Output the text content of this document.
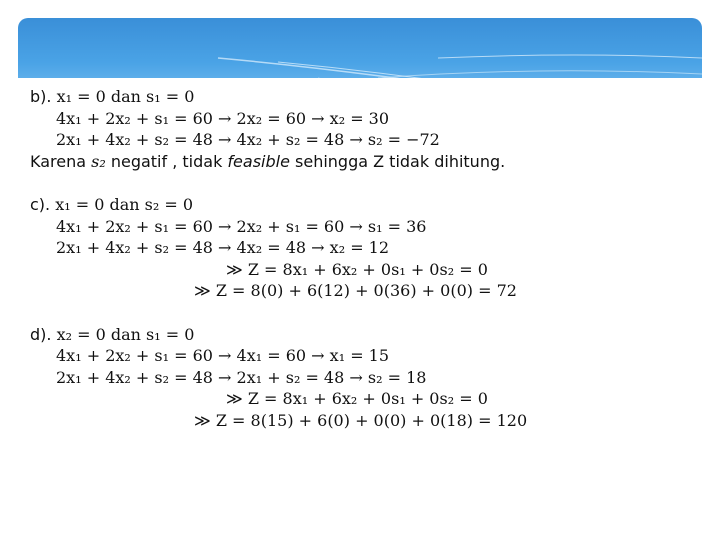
b). x₁ = 0 dan s₁ = 0
4x₁ + 2x₂ + s₁ = 60 → 2x₂ = 60 → x₂ = 30
2x₁ + 4x₂ + s₂ = 48 → 4x₂ + s₂ = 48 → s₂ = −72
Karena s₂ negatif , tidak feasible sehingga Z tidak dihitung.
c). x₁ = 0 dan s₂ = 0
4x₁ + 2x₂ + s₁ = 60 → 2x₂ + s₁ = 60 → s₁ = 36
2x₁ + 4x₂ + s₂ = 48 → 4x₂ = 48 → x₂ = 12
≫ Z = 8x₁ + 6x₂ + 0s₁ + 0s₂ = 0
≫ Z = 8(0) + 6(12) + 0(36) + 0(0) = 72
d). x₂ = 0 dan s₁ = 0
4x₁ + 2x₂ + s₁ = 60 → 4x₁ = 60 → x₁ = 15
2x₁ + 4x₂ + s₂ = 48 → 2x₁ + s₂ = 48 → s₂ = 18
≫ Z = 8x₁ + 6x₂ + 0s₁ + 0s₂ = 0
≫ Z = 8(15) + 6(0) + 0(0) + 0(18) = 120
